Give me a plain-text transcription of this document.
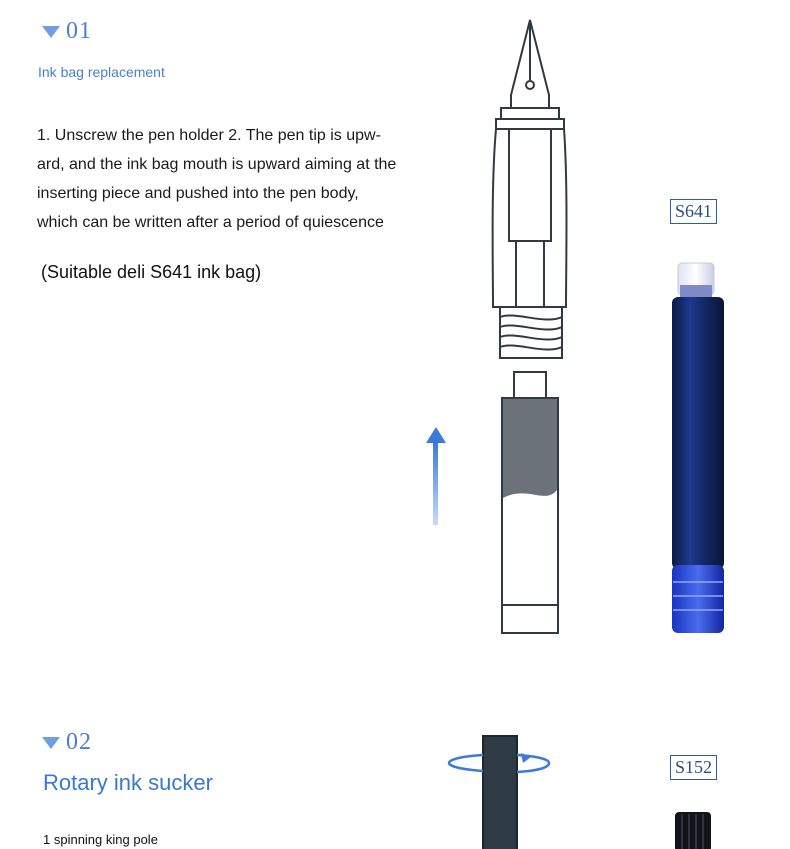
01
Ink bag replacement
1. Unscrew the pen holder 2. The pen tip is upw-ard, and the ink bag mouth is upward aiming at the inserting piece and pushed into the pen body, which can be written after a period of quiescence
(Suitable deli S641 ink bag)
S641
02
Rotary ink sucker
1 spinning king pole
S152
